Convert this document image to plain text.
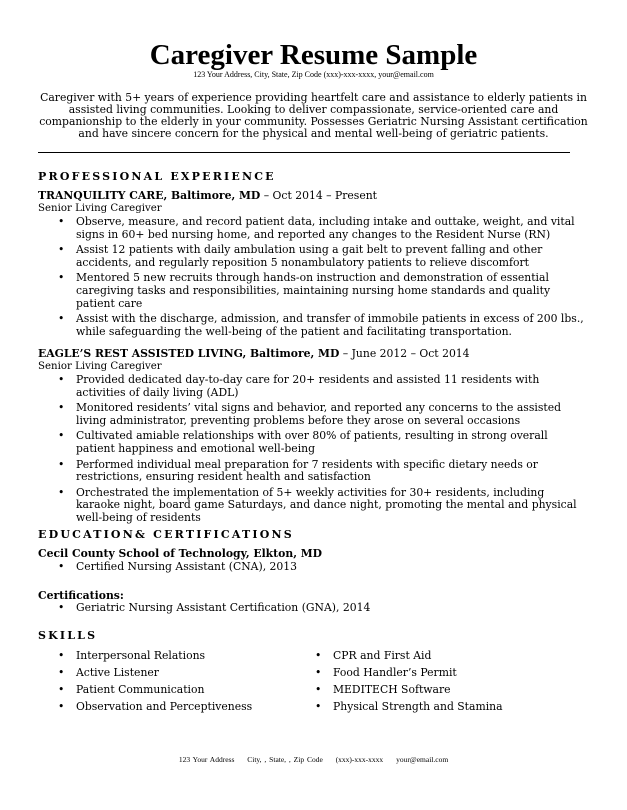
Caregiver Resume Sample
123 Your Address, City, State, Zip Code (xxx)-xxx-xxxx, your@email.com
Caregiver with 5+ years of experience providing heartfelt care and assistance to elderly patients in assisted living communities. Looking to deliver compassionate, service-oriented care and companionship to the elderly in your community. Possesses Geriatric Nursing Assistant certification and have sincere concern for the physical and mental well-being of geriatric patients.
PROFESSIONAL EXPERIENCE
TRANQUILITY CARE, Baltimore, MD – Oct 2014 – Present
Senior Living Caregiver
• Observe, measure, and record patient data, including intake and outtake, weight, and vital signs in 60+ bed nursing home, and reported any changes to the Resident Nurse (RN)
• Assist 12 patients with daily ambulation using a gait belt to prevent falling and other accidents, and regularly reposition 5 nonambulatory patients to relieve discomfort
• Mentored 5 new recruits through hands-on instruction and demonstration of essential caregiving tasks and responsibilities, maintaining nursing home standards and quality patient care
• Assist with the discharge, admission, and transfer of immobile patients in excess of 200 lbs., while safeguarding the well-being of the patient and facilitating transportation.
EAGLE’S REST ASSISTED LIVING, Baltimore, MD – June 2012 – Oct 2014
Senior Living Caregiver
• Provided dedicated day-to-day care for 20+ residents and assisted 11 residents with activities of daily living (ADL)
• Monitored residents’ vital signs and behavior, and reported any concerns to the assisted living administrator, preventing problems before they arose on several occasions
• Cultivated amiable relationships with over 80% of patients, resulting in strong overall patient happiness and emotional well-being
• Performed individual meal preparation for 7 residents with specific dietary needs or restrictions, ensuring resident health and satisfaction
• Orchestrated the implementation of 5+ weekly activities for 30+ residents, including karaoke night, board game Saturdays, and dance night, promoting the mental and physical well-being of residents
EDUCATION& CERTIFICATIONS
Cecil County School of Technology, Elkton, MD
• Certified Nursing Assistant (CNA), 2013
Certifications:
• Geriatric Nursing Assistant Certification (GNA), 2014
SKILLS
• Interpersonal Relations
• Active Listener
• Patient Communication
• Observation and Perceptiveness
• CPR and First Aid
• Food Handler’s Permit
• MEDITECH Software
• Physical Strength and Stamina
123 Your Address City, , State, , Zip Code (xxx)-xxx-xxxx your@email.com
